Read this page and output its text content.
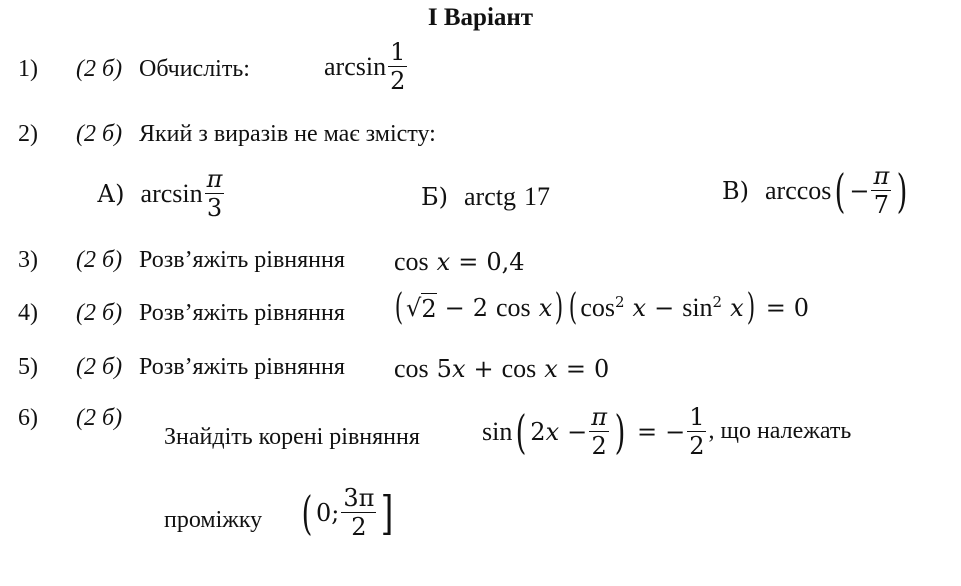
I Варіант
1) (2 б) Обчисліть:	$\arcsin \frac{1}{2}$
2) (2 б) Який з виразів не має змісту:
А) $\arcsin \frac{\pi}{3}$	Б) arctg 17	В) arccos ( − $\frac{\pi}{7}$ )
3) (2 б) Розв’яжіть рівняння cos x = 0,4
4) (2 б) Розв’яжіть рівняння ( √ 2 − 2 cos x ) ( $\cos^2 x - \sin^2 x$ ) = 0
5) (2 б) Розв’яжіть рівняння cos 5 x + cos x = 0
6) (2 б)
Знайдіть корені рівняння sin ( 2 $x - \frac{\pi}{2}$ ) = − $\frac{1}{2}$ , що належать
проміжку ( 0; $\frac{3\pi}{2}$ ]
